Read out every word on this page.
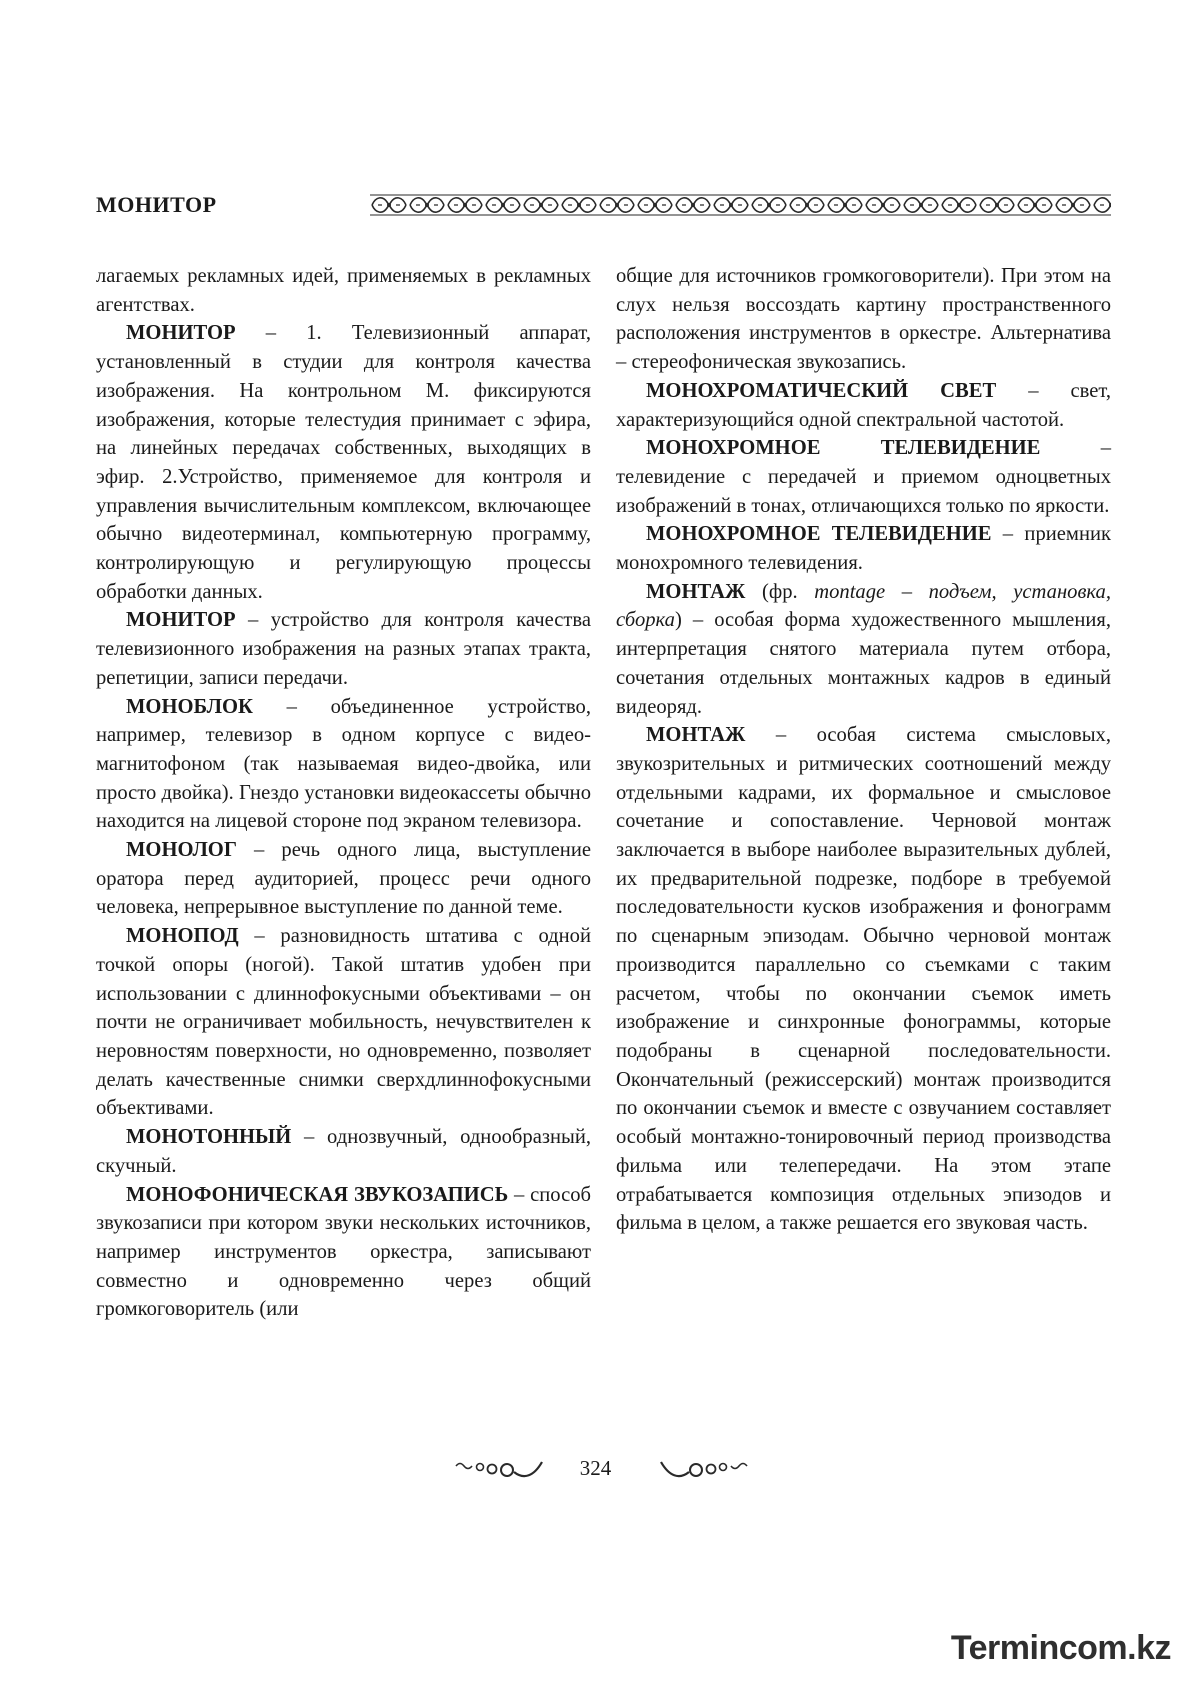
МОНИТОР

лагаемых рекламных идей, применяемых в рекламных агентствах.

МОНИТОР – 1. Телевизионный аппарат, установленный в студии для контроля качества изображения. На контрольном М. фиксируются изображения, которые телестудия принимает с эфира, на линейных передачах собственных, выходящих в эфир. 2.Устройство, применяемое для контроля и управления вычислительным комплексом, включающее обычно видеотерминал, компьютерную программу, контролирующую и регулирующую процессы обработки данных.

МОНИТОР – устройство для контроля качества телевизионного изображения на разных этапах тракта, репетиции, записи передачи.

МОНОБЛОК – объединенное устройство, например, телевизор в одном корпусе с видеомагнитофоном (так называемая видео-двойка, или просто двойка). Гнездо установки видеокассеты обычно находится на лицевой стороне под экраном телевизора.

МОНОЛОГ – речь одного лица, выступление оратора перед аудиторией, процесс речи одного человека, непрерывное выступление по данной теме.

МОНОПОД – разновидность штатива с одной точкой опоры (ногой). Такой штатив удобен при использовании с длиннофокусными объективами – он почти не ограничивает мобильность, нечувствителен к неровностям поверхности, но одновременно, позволяет делать качественные снимки сверхдлиннофокусными объективами.

МОНОТОННЫЙ – однозвучный, однообразный, скучный.

МОНОФОНИЧЕСКАЯ ЗВУКОЗАПИСЬ – способ звукозаписи при котором звуки нескольких источников, например инструментов оркестра, записывают совместно и одновременно через общий громкоговоритель (или

общие для источников громкоговорители). При этом на слух нельзя воссоздать картину пространственного расположения инструментов в оркестре. Альтернатива – стереофоническая звукозапись.

МОНОХРОМАТИЧЕСКИЙ СВЕТ – свет, характеризующийся одной спектральной частотой.

МОНОХРОМНОЕ ТЕЛЕВИДЕНИЕ – телевидение с передачей и приемом одноцветных изображений в тонах, отличающихся только по яркости.

МОНОХРОМНОЕ ТЕЛЕВИДЕНИЕ – приемник монохромного телевидения.

МОНТАЖ (фр. montage – подъем, установка, сборка) – особая форма художественного мышления, интерпретация снятого материала путем отбора, сочетания отдельных монтажных кадров в единый видеоряд.

МОНТАЖ – особая система смысловых, звукозрительных и ритмических соотношений между отдельными кадрами, их формальное и смысловое сочетание и сопоставление. Черновой монтаж заключается в выборе наиболее выразительных дублей, их предварительной подрезке, подборе в требуемой последовательности кусков изображения и фонограмм по сценарным эпизодам. Обычно черновой монтаж производится параллельно со съемками с таким расчетом, чтобы по окончании съемок иметь изображение и синхронные фонограммы, которые подобраны в сценарной последовательности. Окончательный (режиссерский) монтаж производится по окончании съемок и вместе с озвучанием составляет особый монтажно-тонировочный период производства фильма или телепередачи. На этом этапе отрабатывается композиция отдельных эпизодов и фильма в целом, а также решается его звуковая часть.

324
Termincom.kz
